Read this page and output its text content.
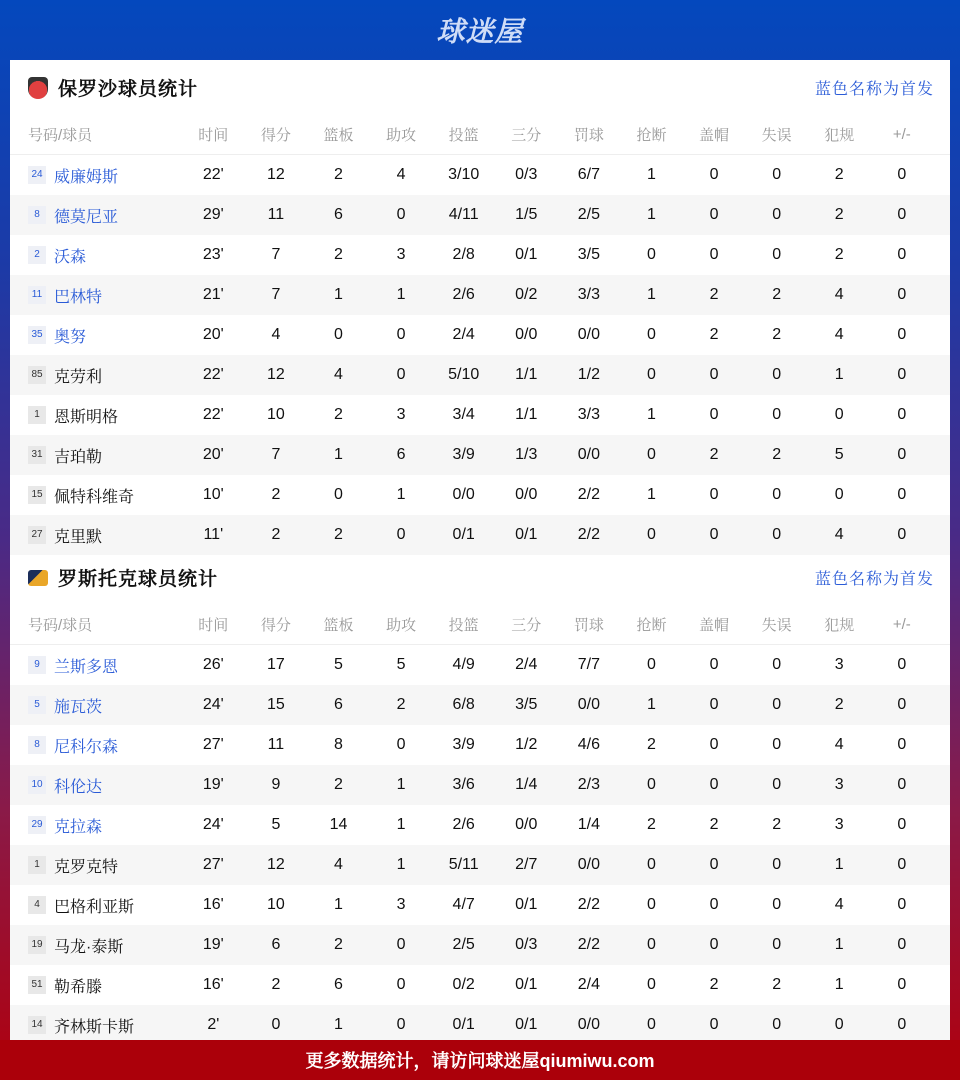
球迷屋
保罗沙球员统计	蓝色名称为首发
号码/球员	时间	得分	篮板	助攻	投篮	三分	罚球	抢断	盖帽	失误	犯规	+/-
24 威廉姆斯	22'	12	2	4	3/10	0/3	6/7	1	0	0	2	0
8 德莫尼亚	29'	11	6	0	4/11	1/5	2/5	1	0	0	2	0
2 沃森	23'	7	2	3	2/8	0/1	3/5	0	0	0	2	0
11 巴林特	21'	7	1	1	2/6	0/2	3/3	1	2	2	4	0
35 奥努	20'	4	0	0	2/4	0/0	0/0	0	2	2	4	0
85 克劳利	22'	12	4	0	5/10	1/1	1/2	0	0	0	1	0
1 恩斯明格	22'	10	2	3	3/4	1/1	3/3	1	0	0	0	0
31 吉珀勒	20'	7	1	6	3/9	1/3	0/0	0	2	2	5	0
15 佩特科维奇	10'	2	0	1	0/0	0/0	2/2	1	0	0	0	0
27 克里默	11'	2	2	0	0/1	0/1	2/2	0	0	0	4	0
罗斯托克球员统计	蓝色名称为首发
号码/球员	时间	得分	篮板	助攻	投篮	三分	罚球	抢断	盖帽	失误	犯规	+/-
9 兰斯多恩	26'	17	5	5	4/9	2/4	7/7	0	0	0	3	0
5 施瓦茨	24'	15	6	2	6/8	3/5	0/0	1	0	0	2	0
8 尼科尔森	27'	11	8	0	3/9	1/2	4/6	2	0	0	4	0
10 科伦达	19'	9	2	1	3/6	1/4	2/3	0	0	0	3	0
29 克拉森	24'	5	14	1	2/6	0/0	1/4	2	2	2	3	0
1 克罗克特	27'	12	4	1	5/11	2/7	0/0	0	0	0	1	0
4 巴格利亚斯	16'	10	1	3	4/7	0/1	2/2	0	0	0	4	0
19 马龙·泰斯	19'	6	2	0	2/5	0/3	2/2	0	0	0	1	0
51 勒希滕	16'	2	6	0	0/2	0/1	2/4	0	2	2	1	0
14 齐林斯卡斯	2'	0	1	0	0/1	0/1	0/0	0	0	0	0	0
更多数据统计，请访问球迷屋qiumiwu.com
